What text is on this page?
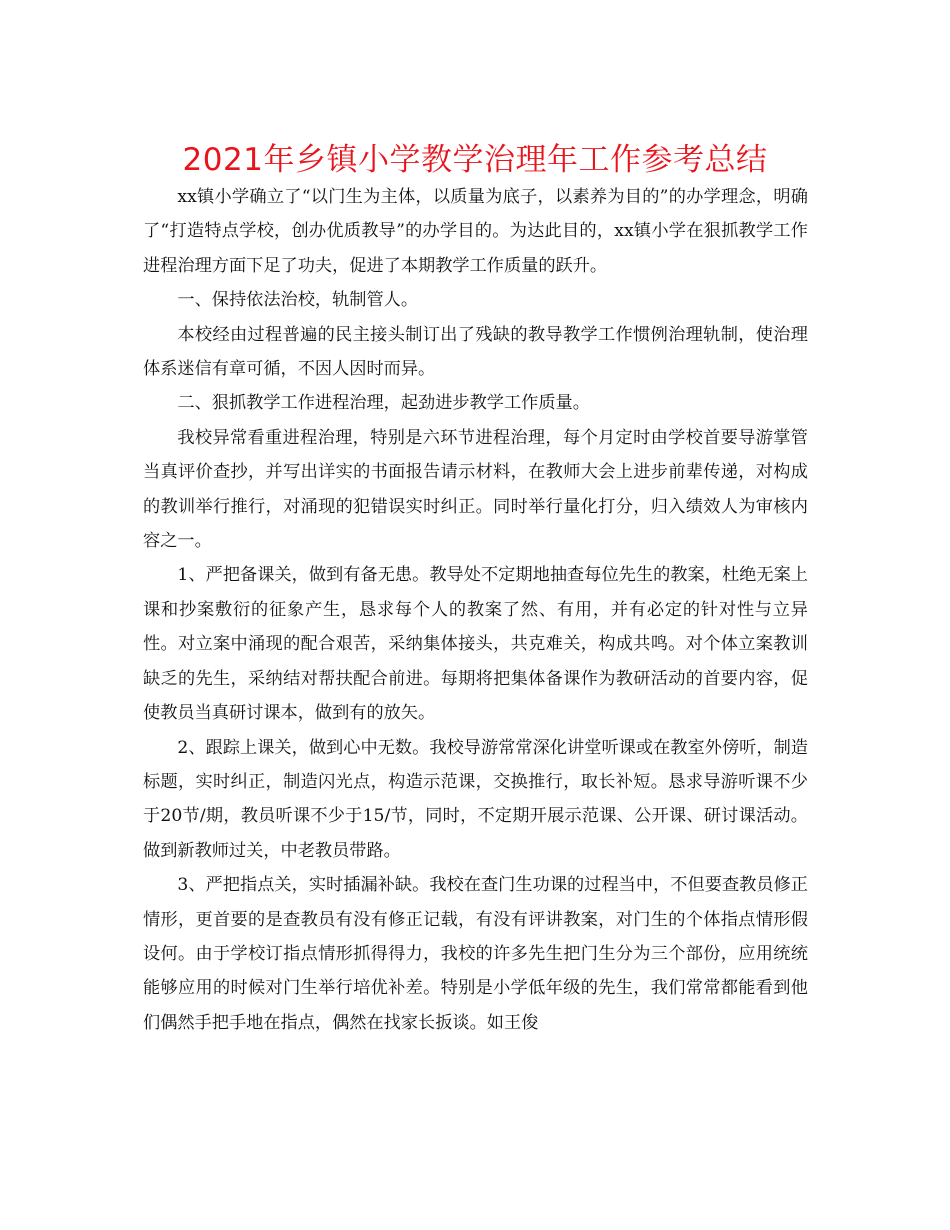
2021年乡镇小学教学治理年工作参考总结

xx镇小学确立了“以门生为主体，以质量为底子，以素养为目的”的办学理念，明确了“打造特点学校，创办优质教导”的办学目的。为达此目的，xx镇小学在狠抓教学工作进程治理方面下足了功夫，促进了本期教学工作质量的跃升。

一、保持依法治校，轨制管人。

本校经由过程普遍的民主接头制订出了残缺的教导教学工作惯例治理轨制，使治理体系迷信有章可循，不因人因时而异。

二、狠抓教学工作进程治理，起劲进步教学工作质量。

我校异常看重进程治理，特别是六环节进程治理，每个月定时由学校首要导游掌管当真评价查抄，并写出详实的书面报告请示材料，在教师大会上进步前辈传递，对构成的教训举行推行，对涌现的犯错误实时纠正。同时举行量化打分，归入绩效人为审核内容之一。

1、严把备课关，做到有备无患。教导处不定期地抽查每位先生的教案，杜绝无案上课和抄案敷衍的征象产生，恳求每个人的教案了然、有用，并有必定的针对性与立异性。对立案中涌现的配合艰苦，采纳集体接头，共克难关，构成共鸣。对个体立案教训缺乏的先生，采纳结对帮扶配合前进。每期将把集体备课作为教研活动的首要内容，促使教员当真研讨课本，做到有的放矢。

2、跟踪上课关，做到心中无数。我校导游常常深化讲堂听课或在教室外傍听，制造标题，实时纠正，制造闪光点，构造示范课，交换推行，取长补短。恳求导游听课不少于20节/期，教员听课不少于15/节，同时，不定期开展示范课、公开课、研讨课活动。做到新教师过关，中老教员带路。

3、严把指点关，实时插漏补缺。我校在查门生功课的过程当中，不但要查教员修正情形，更首要的是查教员有没有修正记载，有没有评讲教案，对门生的个体指点情形假设何。由于学校订指点情形抓得得力，我校的许多先生把门生分为三个部份，应用统统能够应用的时候对门生举行培优补差。特别是小学低年级的先生，我们常常都能看到他们偶然手把手地在指点，偶然在找家长扳谈。如王俊
